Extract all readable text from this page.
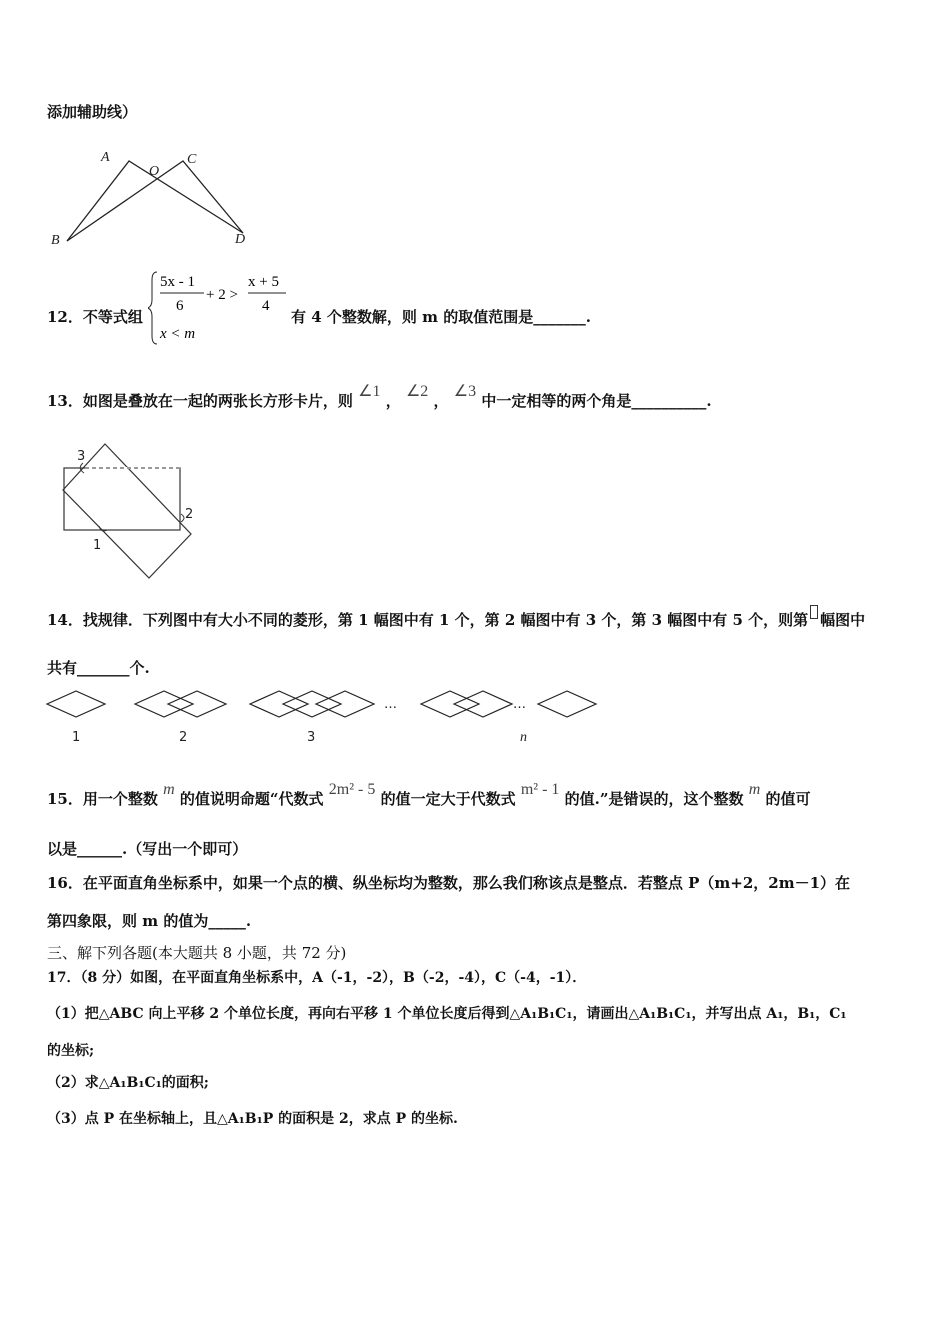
添加辅助线）
A
O
C
B	D
12．不等式组
5x - 1
6
+ 2 >
x + 5
4
x < m
有 4 个整数解，则 m 的取值范围是_______.
13．如图是叠放在一起的两张长方形卡片，则 ∠1 ， ∠2 ， ∠3 中一定相等的两个角是__________.
3
2
1
14．找规律．下列图中有大小不同的菱形，第 1 幅图中有 1 个，第 2 幅图中有 3 个，第 3 幅图中有 5 个，则第 幅图中
共有_______个.
…	…
1	2	3	n
15．用一个整数 m 的值说明命题“代数式 2m² - 5 的值一定大于代数式 m² - 1 的值.”是错误的，这个整数 m 的值可
以是______.（写出一个即可）
16．在平面直角坐标系中，如果一个点的横、纵坐标均为整数，那么我们称该点是整点．若整点 P（m+2，2m－1）在
第四象限，则 m 的值为_____.
三、解下列各题(本大题共 8 小题，共 72 分)
17．（8 分）如图，在平面直角坐标系中，A（-1，-2），B（-2，-4），C（-4，-1）．
（1）把△ABC 向上平移 2 个单位长度，再向右平移 1 个单位长度后得到△A₁B₁C₁，请画出△A₁B₁C₁，并写出点 A₁，B₁，C₁
的坐标;
（2）求△A₁B₁C₁的面积;
（3）点 P 在坐标轴上，且△A₁B₁P 的面积是 2，求点 P 的坐标.
